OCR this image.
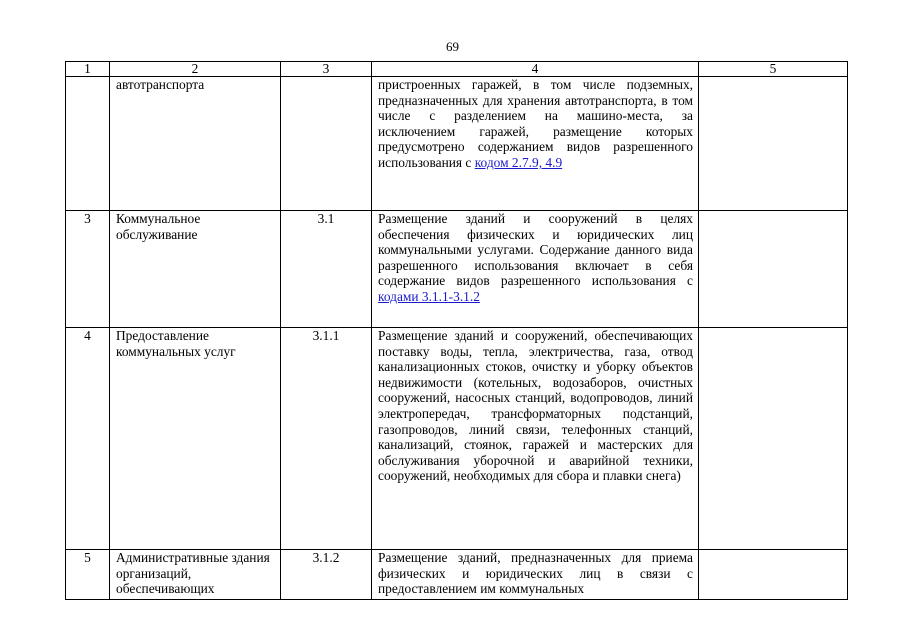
69
1	2	3	4	5
	автотранспорта		пристроенных гаражей, в том числе подземных, предназначенных для хранения автотранспорта, в том числе с разделением на машино-места, за исключением гаражей, размещение которых предусмотрено содержанием видов разрешенного использования с кодом 2.7.9, 4.9	
3	Коммунальное обслуживание	3.1	Размещение зданий и сооружений в целях обеспечения физических и юридических лиц коммунальными услугами. Содержание данного вида разрешенного использования включает в себя содержание видов разрешенного использования с кодами 3.1.1-3.1.2	
4	Предоставление коммунальных услуг	3.1.1	Размещение зданий и сооружений, обеспечивающих поставку воды, тепла, электричества, газа, отвод канализационных стоков, очистку и уборку объектов недвижимости (котельных, водозаборов, очистных сооружений, насосных станций, водопроводов, линий электропередач, трансформаторных подстанций, газопроводов, линий связи, телефонных станций, канализаций, стоянок, гаражей и мастерских для обслуживания уборочной и аварийной техники, сооружений, необходимых для сбора и плавки снега)	
5	Административные здания организаций, обеспечивающих	3.1.2	Размещение зданий, предназначенных для приема физических и юридических лиц в связи с предоставлением им коммунальных	
